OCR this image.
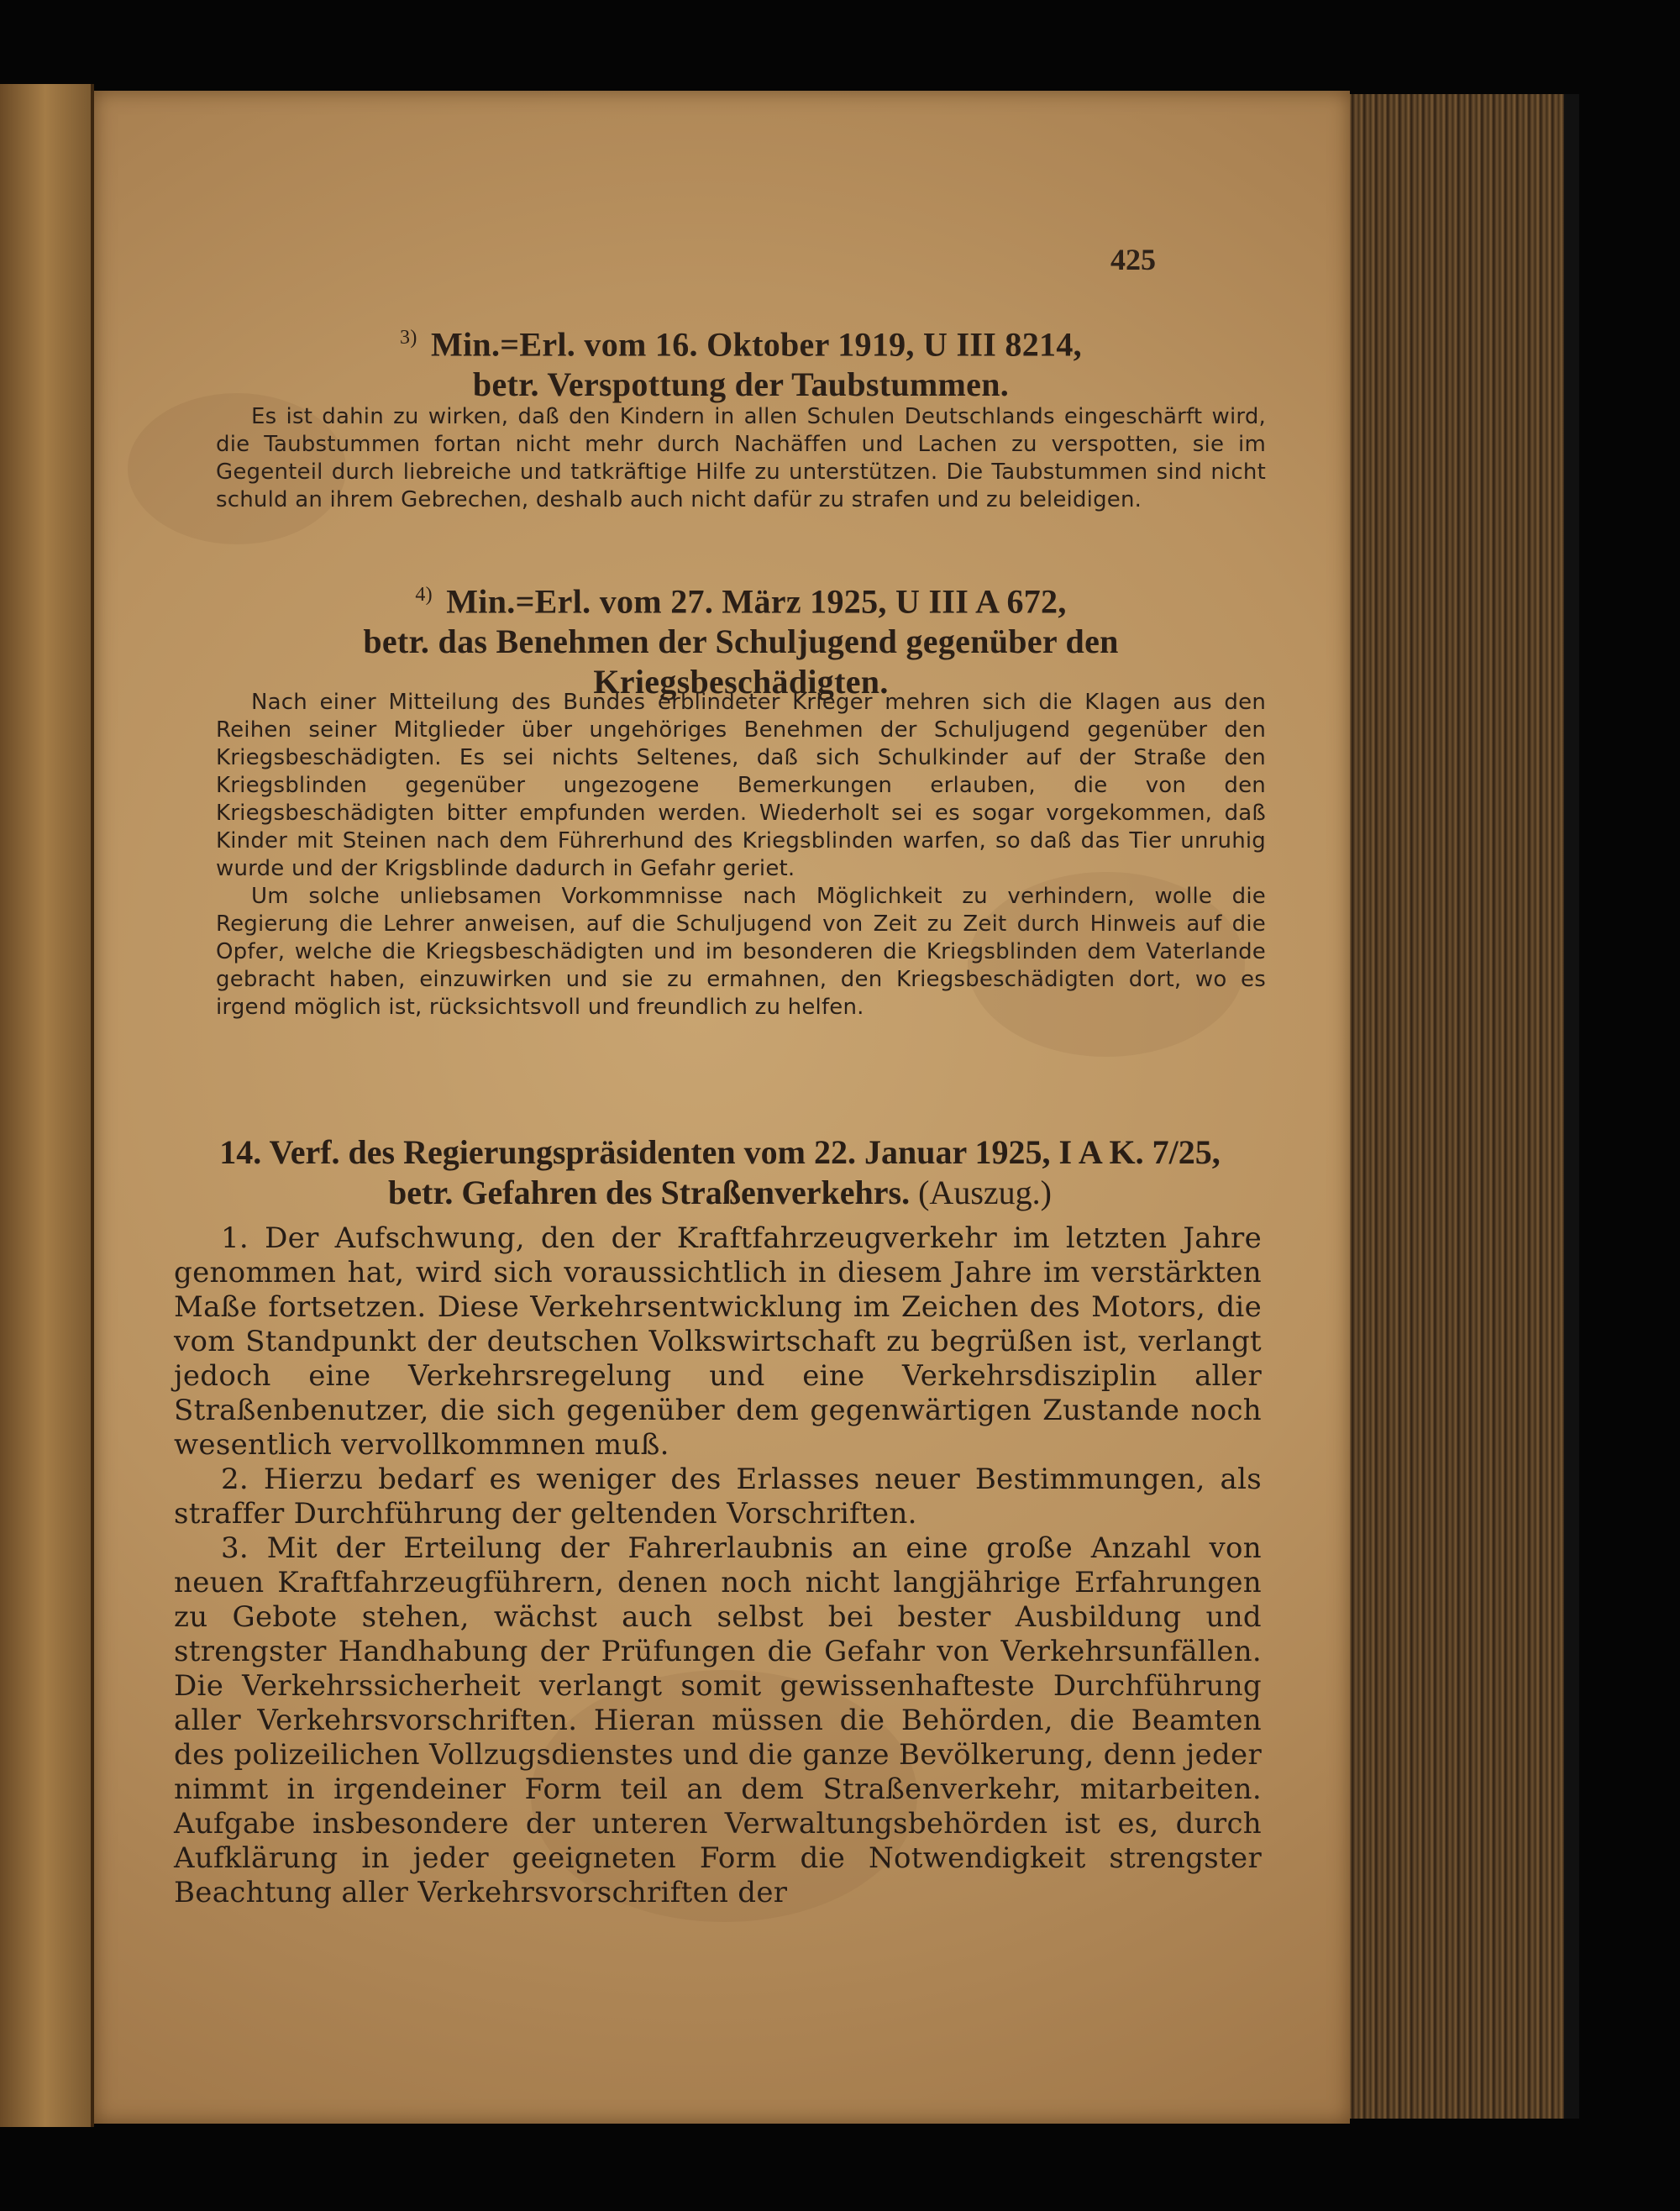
425
$^{3)}$ Min.=Erl. vom 16. Oktober 1919, U III 8214,
betr. Verspottung der Taubstummen.

Es ist dahin zu wirken, daß den Kindern in allen Schulen Deutschlands eingeschärft wird, die Taubstummen fortan nicht mehr durch Nachäffen und Lachen zu verspotten, sie im Gegenteil durch liebreiche und tatkräftige Hilfe zu unterstützen. Die Taubstummen sind nicht schuld an ihrem Gebrechen, deshalb auch nicht dafür zu strafen und zu beleidigen.

$^{4)}$ Min.=Erl. vom 27. März 1925, U III A 672,
betr. das Benehmen der Schuljugend gegenüber den
Kriegsbeschädigten.

Nach einer Mitteilung des Bundes erblindeter Krieger mehren sich die Klagen aus den Reihen seiner Mitglieder über ungehöriges Benehmen der Schuljugend gegenüber den Kriegsbeschädigten. Es sei nichts Seltenes, daß sich Schulkinder auf der Straße den Kriegsblinden gegenüber ungezogene Bemerkungen erlauben, die von den Kriegsbeschädigten bitter empfunden werden. Wiederholt sei es sogar vorgekommen, daß Kinder mit Steinen nach dem Führerhund des Kriegsblinden warfen, so daß das Tier unruhig wurde und der Krigsblinde dadurch in Gefahr geriet.

Um solche unliebsamen Vorkommnisse nach Möglichkeit zu verhindern, wolle die Regierung die Lehrer anweisen, auf die Schuljugend von Zeit zu Zeit durch Hinweis auf die Opfer, welche die Kriegsbeschädigten und im besonderen die Kriegsblinden dem Vaterlande gebracht haben, einzuwirken und sie zu ermahnen, den Kriegsbeschädigten dort, wo es irgend möglich ist, rücksichtsvoll und freundlich zu helfen.

14. Verf. des Regierungspräsidenten vom 22. Januar 1925, I A K. 7/25,
betr. Gefahren des Straßenverkehrs. (Auszug.)

1. Der Aufschwung, den der Kraftfahrzeugverkehr im letzten Jahre genommen hat, wird sich voraussichtlich in diesem Jahre im verstärkten Maße fortsetzen. Diese Verkehrsentwicklung im Zeichen des Motors, die vom Standpunkt der deutschen Volkswirtschaft zu begrüßen ist, verlangt jedoch eine Verkehrsregelung und eine Verkehrsdisziplin aller Straßenbenutzer, die sich gegenüber dem gegenwärtigen Zustande noch wesentlich vervollkommnen muß.

2. Hierzu bedarf es weniger des Erlasses neuer Bestimmungen, als straffer Durchführung der geltenden Vorschriften.

3. Mit der Erteilung der Fahrerlaubnis an eine große Anzahl von neuen Kraftfahrzeugführern, denen noch nicht langjährige Erfahrungen zu Gebote stehen, wächst auch selbst bei bester Ausbildung und strengster Handhabung der Prüfungen die Gefahr von Verkehrsunfällen. Die Verkehrssicherheit verlangt somit gewissenhafteste Durchführung aller Verkehrsvorschriften. Hieran müssen die Behörden, die Beamten des polizeilichen Vollzugsdienstes und die ganze Bevölkerung, denn jeder nimmt in irgendeiner Form teil an dem Straßenverkehr, mitarbeiten. Aufgabe insbesondere der unteren Verwaltungsbehörden ist es, durch Aufklärung in jeder geeigneten Form die Notwendigkeit strengster Beachtung aller Verkehrsvorschriften der
